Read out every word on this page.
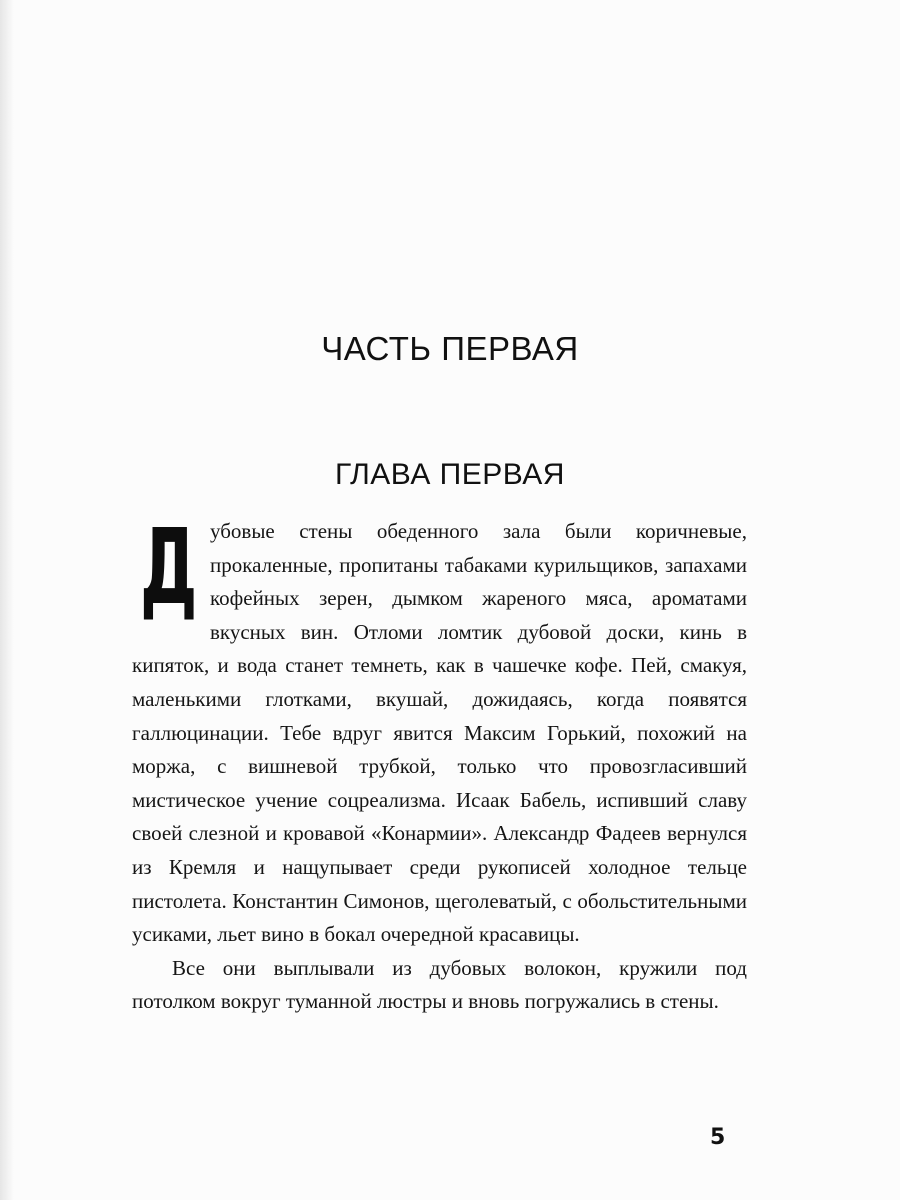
ЧАСТЬ ПЕРВАЯ
ГЛАВА ПЕРВАЯ

Дубовые стены обеденного зала были коричневые, прокаленные, пропитаны табаками курильщиков, запахами кофейных зерен, дымком жареного мяса, ароматами вкусных вин. Отломи ломтик дубовой доски, кинь в кипяток, и вода станет темнеть, как в чашечке кофе. Пей, смакуя, маленькими глотками, вкушай, дожидаясь, когда появятся галлюцинации. Тебе вдруг явится Максим Горький, похожий на моржа, с вишневой трубкой, только что провозгласивший мистическое учение соцреализма. Исаак Бабель, испивший славу своей слезной и кровавой «Конармии». Александр Фадеев вернулся из Кремля и нащупывает среди рукописей холодное тельце пистолета. Константин Симонов, щеголеватый, с обольстительными усиками, льет вино в бокал очередной красавицы.

Все они выплывали из дубовых волокон, кружили под потолком вокруг туманной люстры и вновь погружались в стены.

5
